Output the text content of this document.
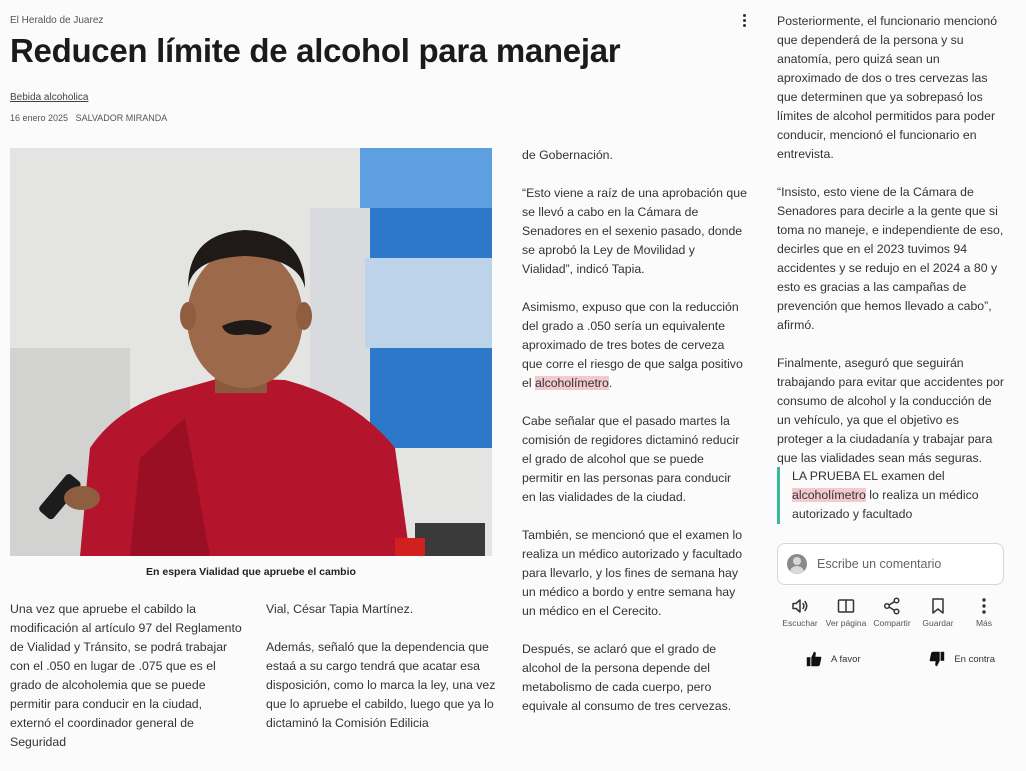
El Heraldo de Juarez
Reducen límite de alcohol para manejar
Bebida alcoholica
16 enero 2025 SALVADOR MIRANDA
En espera Vialidad que apruebe el cambio

Una vez que apruebe el cabildo la modificación al artículo 97 del Reglamento de Vialidad y Tránsito, se podrá trabajar con el .050 en lugar de .075 que es el grado de alcoholemia que se puede permitir para conducir en la ciudad, externó el coordinador general de Seguridad

Vial, César Tapia Martínez.

Además, señaló que la dependencia que estaá a su cargo tendrá que acatar esa disposición, como lo marca la ley, una vez que lo apruebe el cabildo, luego que ya lo dictaminó la Comisión Edilicia

de Gobernación.

“Esto viene a raíz de una aprobación que se llevó a cabo en la Cámara de Senadores en el sexenio pasado, donde se aprobó la Ley de Movilidad y Vialidad”, indicó Tapia.

Asimismo, expuso que con la reducción del grado a .050 sería un equivalente aproximado de tres botes de cerveza que corre el riesgo de que salga positivo el alcoholímetro.

Cabe señalar que el pasado martes la comisión de regidores dictaminó reducir el grado de alcohol que se puede permitir en las personas para conducir en las vialidades de la ciudad.

También, se mencionó que el examen lo realiza un médico autorizado y facultado para llevarlo, y los fines de semana hay un médico a bordo y entre semana hay un médico en el Cerecito.

Después, se aclaró que el grado de alcohol de la persona depende del metabolismo de cada cuerpo, pero equivale al consumo de tres cervezas.

Posteriormente, el funcionario mencionó que dependerá de la persona y su anatomía, pero quizá sean un aproximado de dos o tres cervezas las que determinen que ya sobrepasó los límites de alcohol permitidos para poder conducir, mencionó el funcionario en entrevista.

“Insisto, esto viene de la Cámara de Senadores para decirle a la gente que si toma no maneje, e independiente de eso, decirles que en el 2023 tuvimos 94 accidentes y se redujo en el 2024 a 80 y esto es gracias a las campañas de prevención que hemos llevado a cabo”, afirmó.

Finalmente, aseguró que seguirán trabajando para evitar que accidentes por consumo de alcohol y la conducción de un vehículo, ya que el objetivo es proteger a la ciudadanía y trabajar para que las vialidades sean más seguras.

LA PRUEBA EL examen del alcoholímetro lo realiza un médico autorizado y facultado
Escribe un comentario
Escuchar Ver página Compartir Guardar	Más
A favor	En contra
